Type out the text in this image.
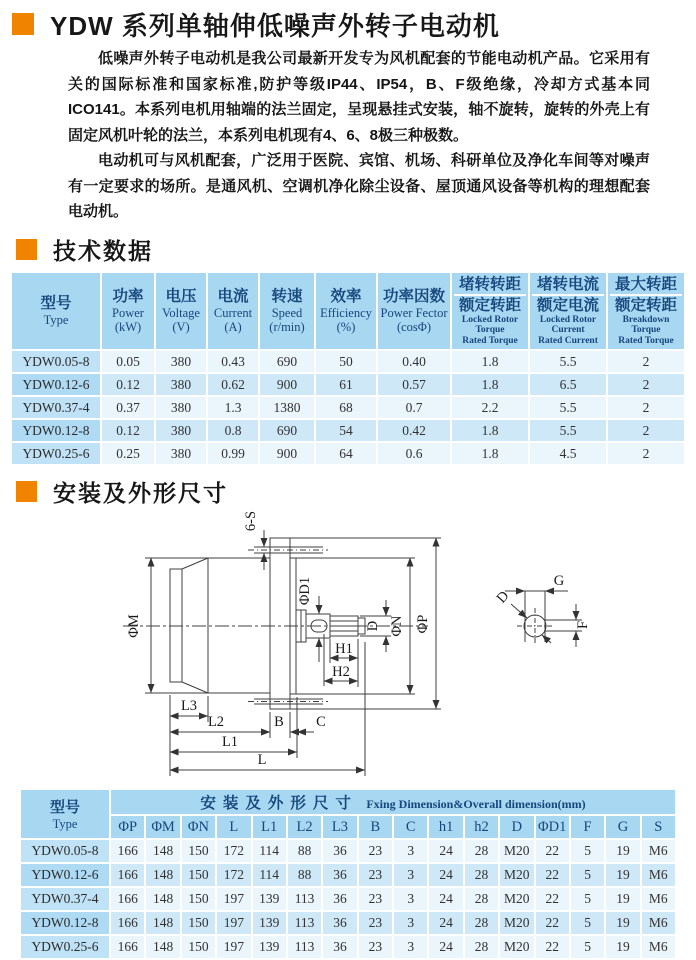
YDW 系列单轴伸低噪声外转子电动机

低噪声外转子电动机是我公司最新开发专为风机配套的节能电动机产品。它采用有关的国际标准和国家标准,防护等级IP44、IP54，B、F级绝缘，冷却方式基本同ICO141。本系列电机用轴端的法兰固定，呈现悬挂式安装，轴不旋转，旋转的外壳上有固定风机叶轮的法兰，本系列电机现有4、6、8极三种极数。

电动机可与风机配套，广泛用于医院、宾馆、机场、科研单位及净化车间等对噪声有一定要求的场所。是通风机、空调机净化除尘设备、屋顶通风设备等机构的理想配套电动机。

技术数据
型号
Type

功率
Power
(kW)

电压
Voltage
(V)

电流
Current
(A)

转速
Speed
(r/min)

效率
Efficiency
(%)

功率因数
Power Fector
(cosΦ)

堵转转距
额定转距
Locked Rotor
Torque
Rated Torque

堵转电流
额定电流
Locked Rotor
Current
Rated Current

最大转距
额定转距
Breakdown
Torque
Rated Torque

YDW0.05-8	0.05	380	0.43	690	50	0.40	1.8	5.5	2
YDW0.12-6	0.12	380	0.62	900	61	0.57	1.8	6.5	2
YDW0.37-4	0.37	380	1.3	1380	68	0.7	2.2	5.5	2
YDW0.12-8	0.12	380	0.8	690	54	0.42	1.8	5.5	2
YDW0.25-6	0.25	380	0.99	900	64	0.6	1.8	4.5	2
安装及外形尺寸
6-S
ΦM
ΦD1
D ΦN ΦP
H1
H2
L3
L2	B C
L1
L
G
F
D
型号
Type	安装及外形尺寸 Fxing Dimension&Overall dimension(mm)															
	ΦP	ΦM	ΦN	L	L1	L2	L3	B	C	h1	h2	D	ΦD1	F	G	S
YDW0.05-8	166	148	150	172	114	88	36	23	3	24	28	M20	22	5	19	M6
YDW0.12-6	166	148	150	172	114	88	36	23	3	24	28	M20	22	5	19	M6
YDW0.37-4	166	148	150	197	139	113	36	23	3	24	28	M20	22	5	19	M6
YDW0.12-8	166	148	150	197	139	113	36	23	3	24	28	M20	22	5	19	M6
YDW0.25-6	166	148	150	197	139	113	36	23	3	24	28	M20	22	5	19	M6
